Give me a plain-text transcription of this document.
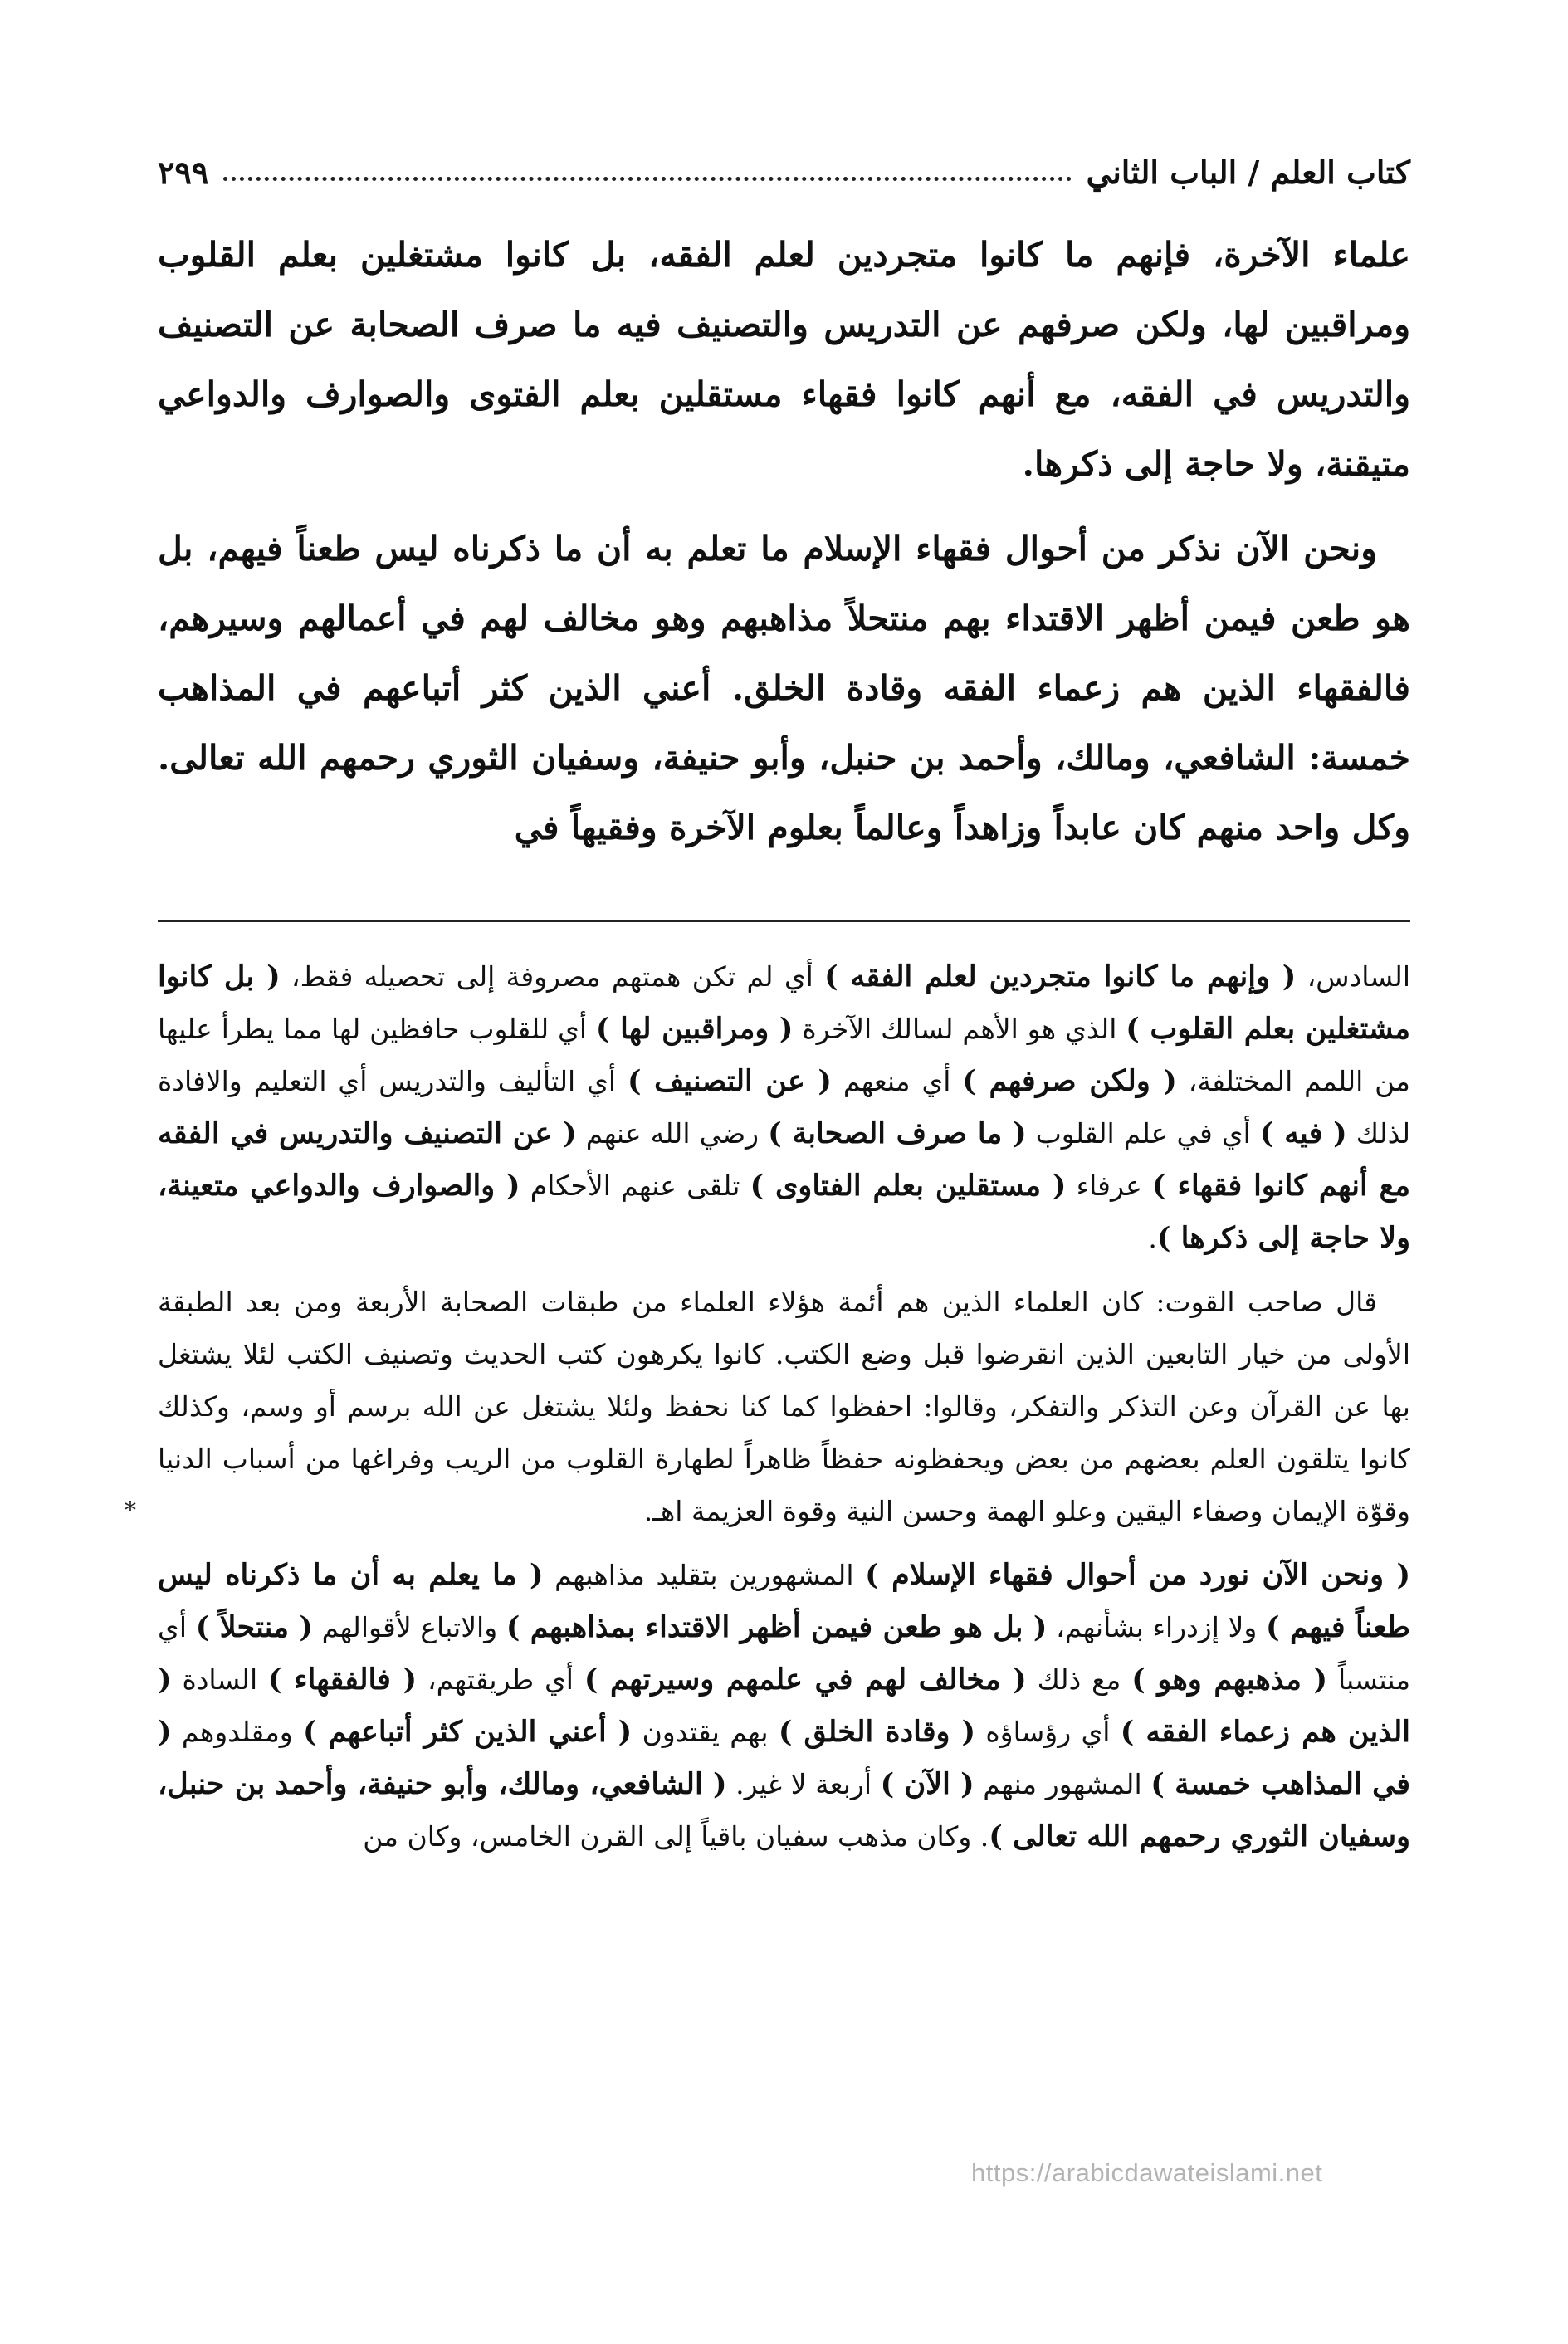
كتاب العلم / الباب الثاني
٢٩٩

علماء الآخرة، فإنهم ما كانوا متجردين لعلم الفقه، بل كانوا مشتغلين بعلم القلوب ومراقبين لها، ولكن صرفهم عن التدريس والتصنيف فيه ما صرف الصحابة عن التصنيف والتدريس في الفقه، مع أنهم كانوا فقهاء مستقلين بعلم الفتوى والصوارف والدواعي متيقنة، ولا حاجة إلى ذكرها.

ونحن الآن نذكر من أحوال فقهاء الإسلام ما تعلم به أن ما ذكرناه ليس طعناً فيهم، بل هو طعن فيمن أظهر الاقتداء بهم منتحلاً مذاهبهم وهو مخالف لهم في أعمالهم وسيرهم، فالفقهاء الذين هم زعماء الفقه وقادة الخلق. أعني الذين كثر أتباعهم في المذاهب خمسة: الشافعي، ومالك، وأحمد بن حنبل، وأبو حنيفة، وسفيان الثوري رحمهم الله تعالى. وكل واحد منهم كان عابداً وزاهداً وعالماً بعلوم الآخرة وفقيهاً في

السادس، ( وإنهم ما كانوا متجردين لعلم الفقه ) أي لم تكن همتهم مصروفة إلى تحصيله فقط، ( بل كانوا مشتغلين بعلم القلوب ) الذي هو الأهم لسالك الآخرة ( ومراقبين لها ) أي للقلوب حافظين لها مما يطرأ عليها من اللمم المختلفة، ( ولكن صرفهم ) أي منعهم ( عن التصنيف ) أي التأليف والتدريس أي التعليم والافادة لذلك ( فيه ) أي في علم القلوب ( ما صرف الصحابة ) رضي الله عنهم ( عن التصنيف والتدريس في الفقه مع أنهم كانوا فقهاء ) عرفاء ( مستقلين بعلم الفتاوى ) تلقى عنهم الأحكام ( والصوارف والدواعي متعينة، ولا حاجة إلى ذكرها ).

قال صاحب القوت: كان العلماء الذين هم أئمة هؤلاء العلماء من طبقات الصحابة الأربعة ومن بعد الطبقة الأولى من خيار التابعين الذين انقرضوا قبل وضع الكتب. كانوا يكرهون كتب الحديث وتصنيف الكتب لئلا يشتغل بها عن القرآن وعن التذكر والتفكر، وقالوا: احفظوا كما كنا نحفظ ولئلا يشتغل عن الله برسم أو وسم، وكذلك كانوا يتلقون العلم بعضهم من بعض ويحفظونه حفظاً ظاهراً لطهارة القلوب من الريب وفراغها من أسباب الدنيا وقوّة الإيمان وصفاء اليقين وعلو الهمة وحسن النية وقوة العزيمة اهـ.

( ونحن الآن نورد من أحوال فقهاء الإسلام ) المشهورين بتقليد مذاهبهم ( ما يعلم به أن ما ذكرناه ليس طعناً فيهم ) ولا إزدراء بشأنهم، ( بل هو طعن فيمن أظهر الاقتداء بمذاهبهم ) والاتباع لأقوالهم ( منتحلاً ) أي منتسباً ( مذهبهم وهو ) مع ذلك ( مخالف لهم في علمهم وسيرتهم ) أي طريقتهم، ( فالفقهاء ) السادة ( الذين هم زعماء الفقه ) أي رؤساؤه ( وقادة الخلق ) بهم يقتدون ( أعني الذين كثر أتباعهم ) ومقلدوهم ( في المذاهب خمسة ) المشهور منهم ( الآن ) أربعة لا غير. ( الشافعي، ومالك، وأبو حنيفة، وأحمد بن حنبل، وسفيان الثوري رحمهم الله تعالى ). وكان مذهب سفيان باقياً إلى القرن الخامس، وكان من

*
https://arabicdawateislami.net
